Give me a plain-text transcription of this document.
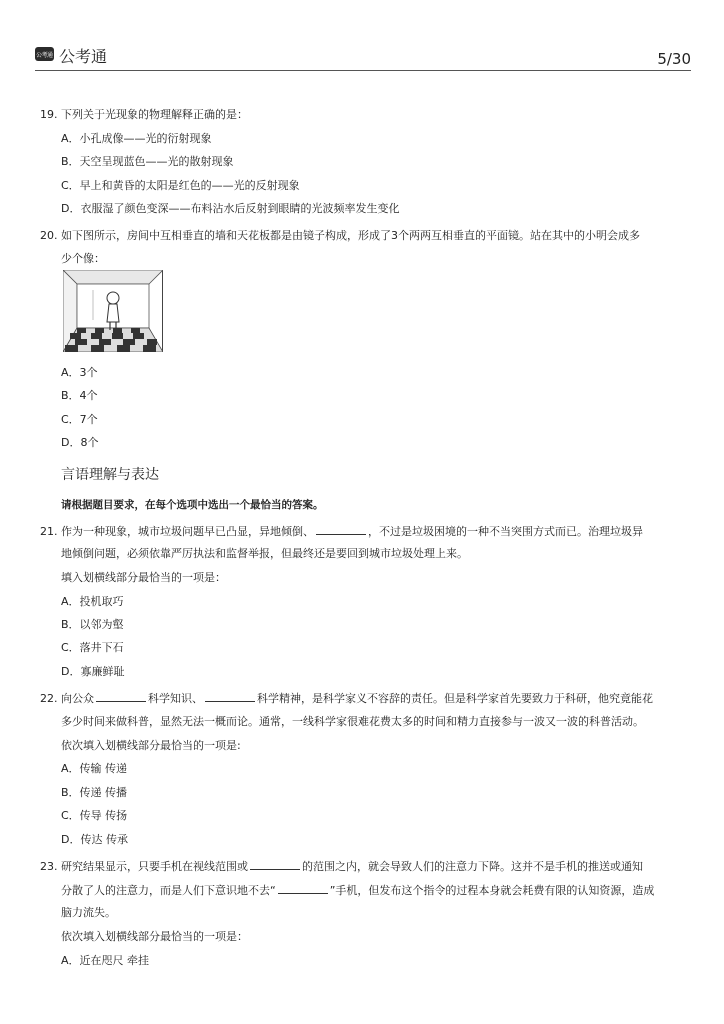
公考通 公考通	5/30
19. 下列关于光现象的物理解释正确的是：
A．小孔成像——光的衍射现象
B．天空呈现蓝色——光的散射现象
C．早上和黄昏的太阳是红色的——光的反射现象
D．衣服湿了颜色变深——布料沾水后反射到眼睛的光波频率发生变化
20. 如下图所示，房间中互相垂直的墙和天花板都是由镜子构成，形成了3个两两互相垂直的平面镜。站在其中的小明会成多
少个像：
A．3个
B．4个
C．7个
D．8个
言语理解与表达
请根据题目要求，在每个选项中选出一个最恰当的答案。
21. 作为一种现象，城市垃圾问题早已凸显，异地倾倒、	，不过是垃圾困境的一种不当突围方式而已。治理垃圾异
地倾倒问题，必须依靠严厉执法和监督举报，但最终还是要回到城市垃圾处理上来。
填入划横线部分最恰当的一项是：
A．投机取巧
B．以邻为壑
C．落井下石
D．寡廉鲜耻
22. 向公众	科学知识、	科学精神，是科学家义不容辞的责任。但是科学家首先要致力于科研，他究竟能花
多少时间来做科普，显然无法一概而论。通常，一线科学家很难花费太多的时间和精力直接参与一波又一波的科普活动。
依次填入划横线部分最恰当的一项是:
A．传输 传递
B．传递 传播
C．传导 传扬
D．传达 传承
23. 研究结果显示，只要手机在视线范围或	的范围之内，就会导致人们的注意力下降。这并不是手机的推送或通知
分散了人的注意力，而是人们下意识地不去“	”手机，但发布这个指令的过程本身就会耗费有限的认知资源，造成
脑力流失。
依次填入划横线部分最恰当的一项是：
A．近在咫尺 牵挂
